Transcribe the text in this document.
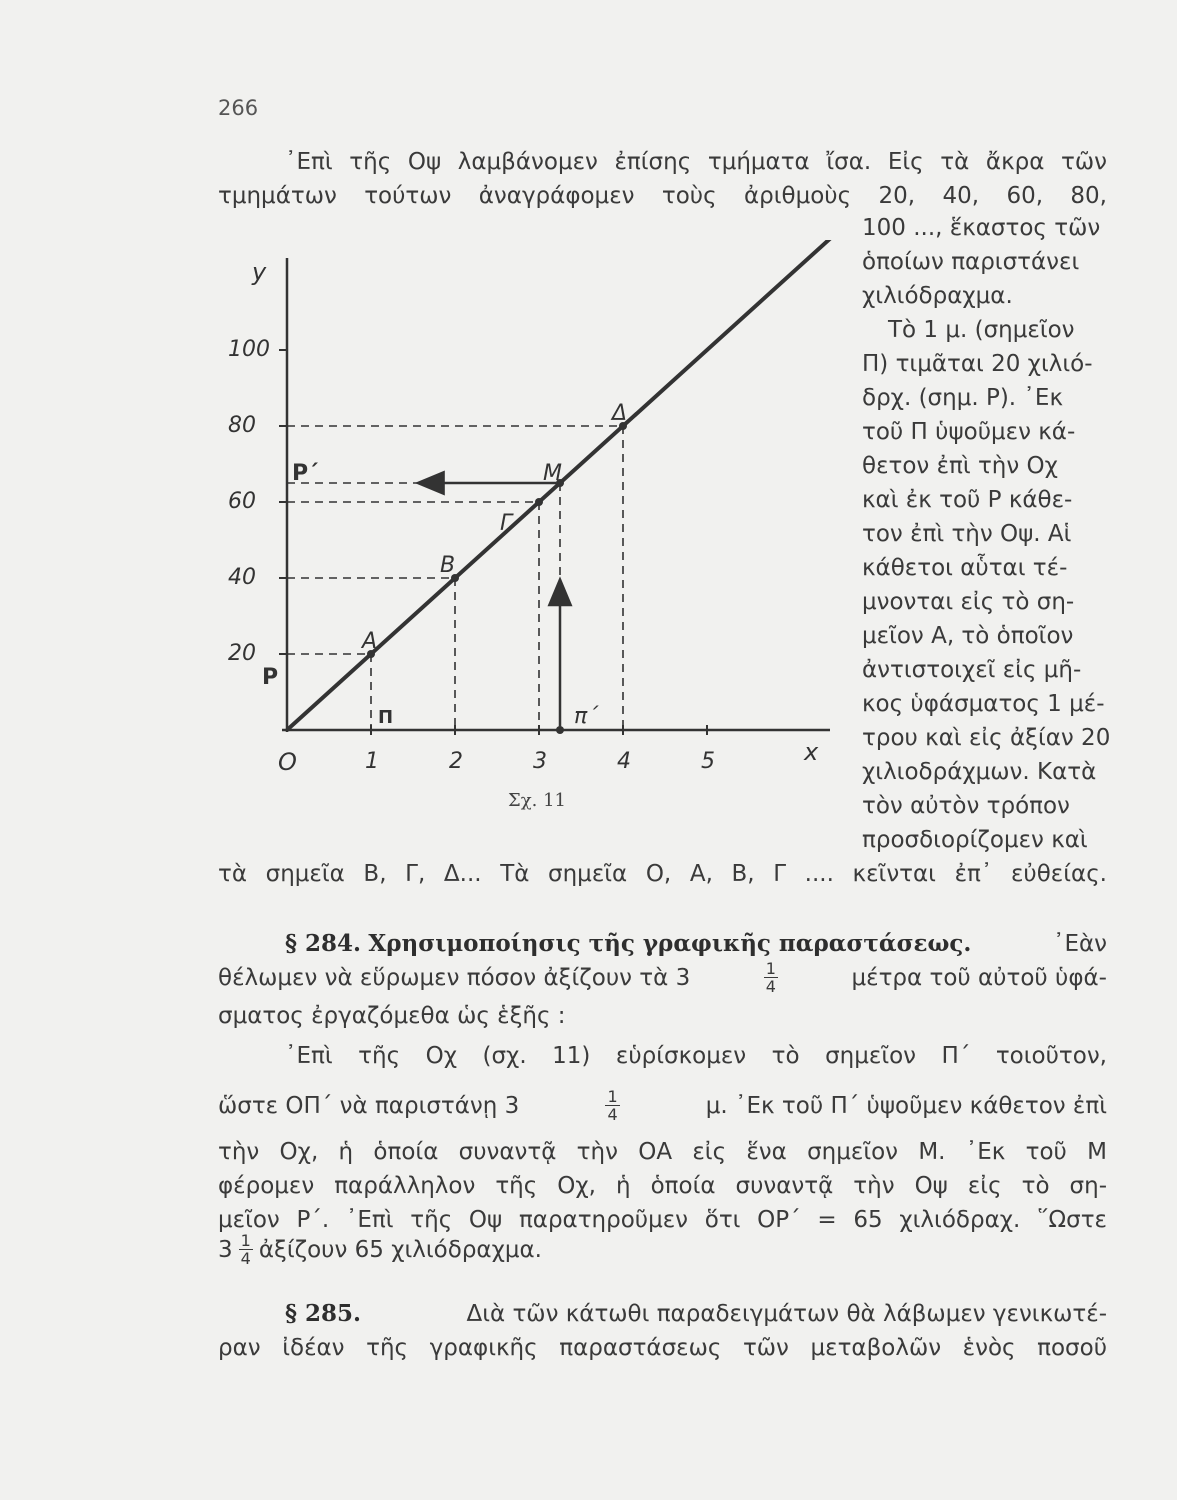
266
᾿Επὶ τῆς Οψ λαμβάνομεν ἐπίσης τμήματα ἴσα. Εἰς τὰ ἄκρα τῶν
τμημάτων τούτων ἀναγράφομεν τοὺς ἀριθμοὺς 20, 40, 60, 80,
100 ..., ἕκαστος τῶν
ὁποίων παριστάνει
χιλιόδραχμα.
Τὸ 1 μ. (σημεῖον
Π) τιμᾶται 20 χιλιό-
δρχ. (σημ. Ρ). ᾿Εκ
τοῦ Π ὑψοῦμεν κά-
θετον ἐπὶ τὴν Οχ
καὶ ἐκ τοῦ Ρ κάθε-
τον ἐπὶ τὴν Οψ. Αἱ
κάθετοι αὗται τέ-
μνονται εἰς τὸ ση-
μεῖον Α, τὸ ὁποῖον
ἀντιστοιχεῖ εἰς μῆ-
κος ὑφάσματος 1 μέ-
τρου καὶ εἰς ἀξίαν 20
χιλιοδράχμων. Κατὰ
τὸν αὐτὸν τρόπον
προσδιορίζομεν καὶ
y
x
O	1	2	3	4	5
20
40
60
80
100
A
B
Γ
M
Δ
P
P΄
Π	π΄
Σχ. 11
τὰ σημεῖα Β, Γ, Δ... Τὰ σημεῖα Ο, Α, Β, Γ .... κεῖνται ἐπ᾿ εὐθείας.
§ 284. Χρησιμοποίησις τῆς γραφικῆς παραστάσεως.	᾿Εὰν
θέλωμεν νὰ εὕρωμεν πόσον ἀξίζουν τὰ 3	$\frac{1}{4}$	μέτρα τοῦ αὐτοῦ ὑφά-
σματος ἐργαζόμεθα ὡς ἑξῆς :
᾿Επὶ τῆς Οχ (σχ. 11) εὑρίσκομεν τὸ σημεῖον Π΄ τοιοῦτον,
ὥστε ΟΠ΄ νὰ παριστάνῃ 3	$\frac{1}{4}$	μ. ᾿Εκ τοῦ Π΄ ὑψοῦμεν κάθετον ἐπὶ
τὴν Οχ, ἡ ὁποία συναντᾷ τὴν ΟΑ εἰς ἕνα σημεῖον Μ. ᾿Εκ τοῦ Μ
φέρομεν παράλληλον τῆς Οχ, ἡ ὁποία συναντᾷ τὴν Οψ εἰς τὸ ση-
μεῖον Ρ΄. ᾿Επὶ τῆς Οψ παρατηροῦμεν ὅτι ΟΡ΄ = 65 χιλιόδραχ. ῞Ωστε
$3 \frac{1}{4}$ ἀξίζουν 65 χιλιόδραχμα.
§ 285.	Διὰ τῶν κάτωθι παραδειγμάτων θὰ λάβωμεν γενικωτέ-
ραν ἰδέαν τῆς γραφικῆς παραστάσεως τῶν μεταβολῶν ἑνὸς ποσοῦ
